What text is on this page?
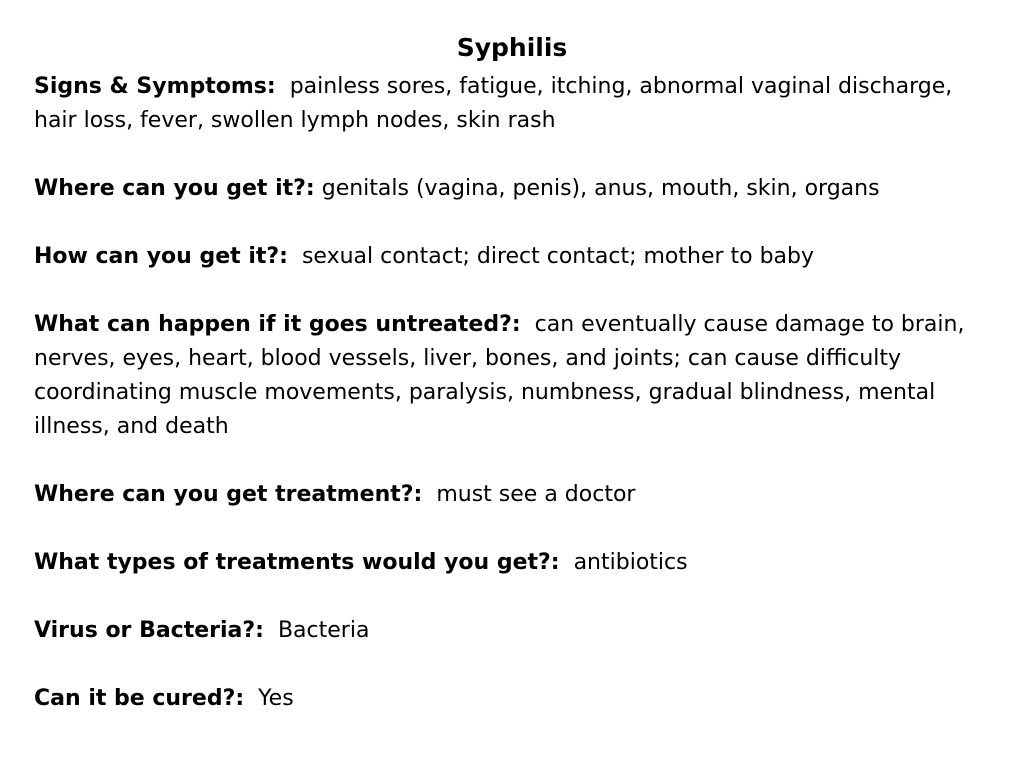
Syphilis

Signs & Symptoms: painless sores, fatigue, itching, abnormal vaginal discharge, hair loss, fever, swollen lymph nodes, skin rash

Where can you get it?: genitals (vagina, penis), anus, mouth, skin, organs

How can you get it?: sexual contact; direct contact; mother to baby

What can happen if it goes untreated?: can eventually cause damage to brain, nerves, eyes, heart, blood vessels, liver, bones, and joints; can cause difficulty coordinating muscle movements, paralysis, numbness, gradual blindness, mental illness, and death

Where can you get treatment?: must see a doctor

What types of treatments would you get?: antibiotics

Virus or Bacteria?: Bacteria

Can it be cured?: Yes
